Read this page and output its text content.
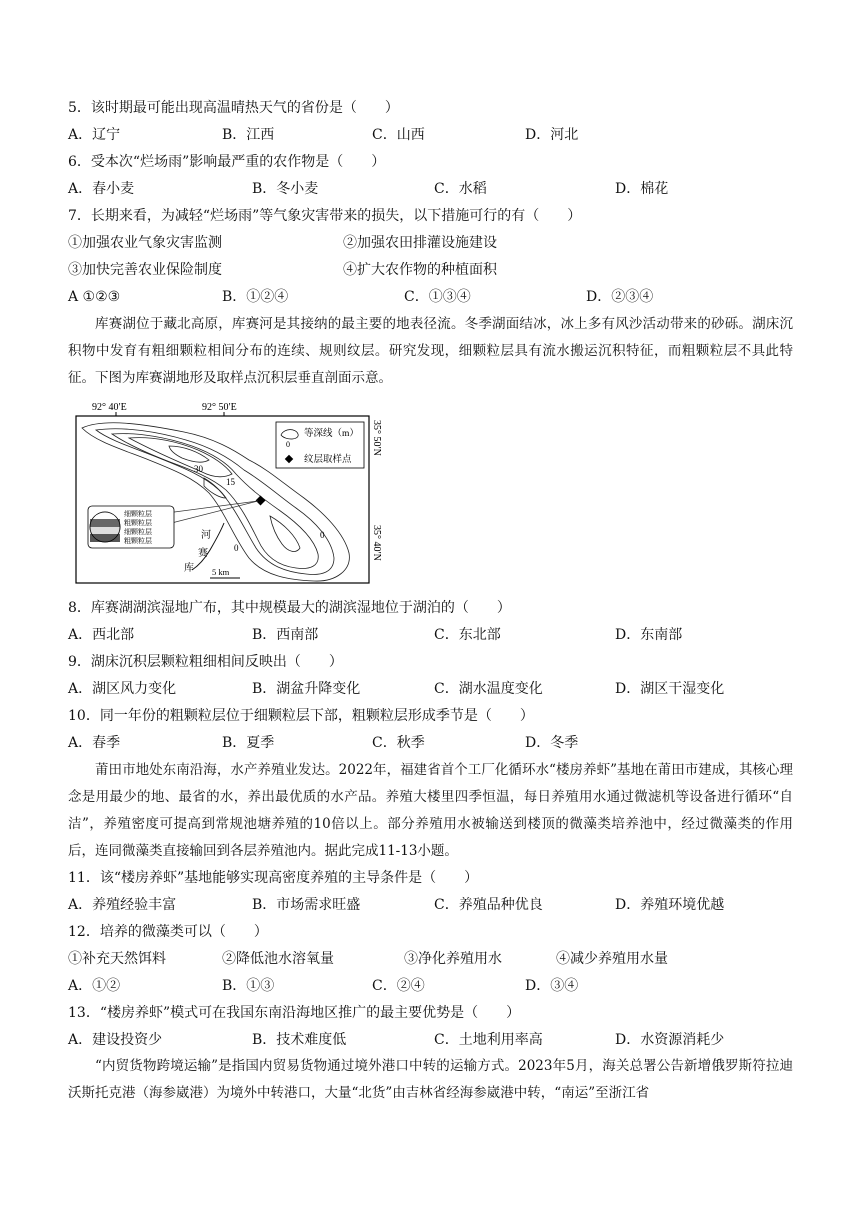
5．该时期最可能出现高温晴热天气的省份是（　　）
A．辽宁	B．江西	C．山西	D．河北
6．受本次“烂场雨”影响最严重的农作物是（　　）
A．春小麦	B．冬小麦	C．水稻	D．棉花
7．长期来看，为减轻“烂场雨”等气象灾害带来的损失，以下措施可行的有（　　）
①加强农业气象灾害监测	②加强农田排灌设施建设
③加快完善农业保险制度	④扩大农作物的种植面积
A ①②③	B．①②④	C．①③④	D．②③④

库赛湖位于藏北高原，库赛河是其接纳的最主要的地表径流。冬季湖面结冰，冰上多有风沙活动带来的砂砾。湖床沉积物中发育有粗细颗粒相间分布的连续、规则纹层。研究发现，细颗粒层具有流水搬运沉积特征，而粗颗粒层不具此特征。下图为库赛湖地形及取样点沉积层垂直剖面示意。

92° 40′E	92° 50′E
35° 50′N
35° 40′N
30
15
0
0
河
赛
库
0
等深线（m）
纹层取样点
细颗粒层
粗颗粒层
细颗粒层
粗颗粒层
5 km
8．库赛湖湖滨湿地广布，其中规模最大的湖滨湿地位于湖泊的（　　）
A．西北部	B．西南部	C．东北部	D．东南部
9．湖床沉积层颗粒粗细相间反映出（　　）
A．湖区风力变化	B．湖盆升降变化	C．湖水温度变化	D．湖区干湿变化
10．同一年份的粗颗粒层位于细颗粒层下部，粗颗粒层形成季节是（　　）
A．春季	B．夏季	C．秋季	D．冬季

莆田市地处东南沿海，水产养殖业发达。2022年，福建省首个工厂化循环水“楼房养虾”基地在莆田市建成，其核心理念是用最少的地、最省的水，养出最优质的水产品。养殖大楼里四季恒温，每日养殖用水通过微滤机等设备进行循环“自洁”，养殖密度可提高到常规池塘养殖的10倍以上。部分养殖用水被输送到楼顶的微藻类培养池中，经过微藻类的作用后，连同微藻类直接输回到各层养殖池内。据此完成11-13小题。

11．该“楼房养虾”基地能够实现高密度养殖的主导条件是（　　）
A．养殖经验丰富	B．市场需求旺盛	C．养殖品种优良	D．养殖环境优越
12．培养的微藻类可以（　　）
①补充天然饵料	②降低池水溶氧量	③净化养殖用水	④减少养殖用水量
A．①②	B．①③	C．②④	D．③④
13．“楼房养虾”模式可在我国东南沿海地区推广的最主要优势是（　　）
A．建设投资少	B．技术难度低	C．土地利用率高	D．水资源消耗少

“内贸货物跨境运输”是指国内贸易货物通过境外港口中转的运输方式。2023年5月，海关总署公告新增俄罗斯符拉迪沃斯托克港（海参崴港）为境外中转港口，大量“北货”由吉林省经海参崴港中转，“南运”至浙江省
